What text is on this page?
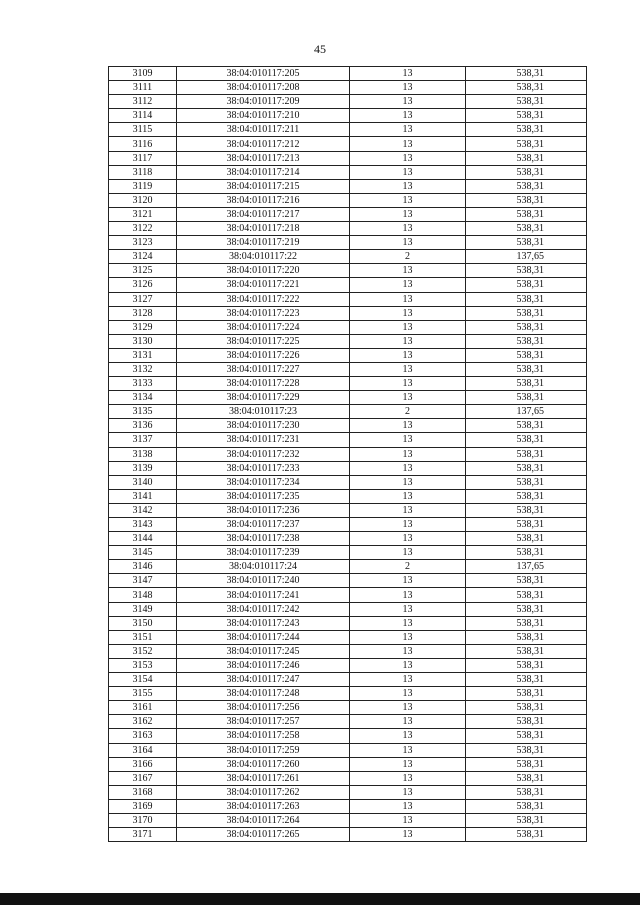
45
3109	38:04:010117:205	13	538,31
3111	38:04:010117:208	13	538,31
3112	38:04:010117:209	13	538,31
3114	38:04:010117:210	13	538,31
3115	38:04:010117:211	13	538,31
3116	38:04:010117:212	13	538,31
3117	38:04:010117:213	13	538,31
3118	38:04:010117:214	13	538,31
3119	38:04:010117:215	13	538,31
3120	38:04:010117:216	13	538,31
3121	38:04:010117:217	13	538,31
3122	38:04:010117:218	13	538,31
3123	38:04:010117:219	13	538,31
3124	38:04:010117:22	2	137,65
3125	38:04:010117:220	13	538,31
3126	38:04:010117:221	13	538,31
3127	38:04:010117:222	13	538,31
3128	38:04:010117:223	13	538,31
3129	38:04:010117:224	13	538,31
3130	38:04:010117:225	13	538,31
3131	38:04:010117:226	13	538,31
3132	38:04:010117:227	13	538,31
3133	38:04:010117:228	13	538,31
3134	38:04:010117:229	13	538,31
3135	38:04:010117:23	2	137,65
3136	38:04:010117:230	13	538,31
3137	38:04:010117:231	13	538,31
3138	38:04:010117:232	13	538,31
3139	38:04:010117:233	13	538,31
3140	38:04:010117:234	13	538,31
3141	38:04:010117:235	13	538,31
3142	38:04:010117:236	13	538,31
3143	38:04:010117:237	13	538,31
3144	38:04:010117:238	13	538,31
3145	38:04:010117:239	13	538,31
3146	38:04:010117:24	2	137,65
3147	38:04:010117:240	13	538,31
3148	38:04:010117:241	13	538,31
3149	38:04:010117:242	13	538,31
3150	38:04:010117:243	13	538,31
3151	38:04:010117:244	13	538,31
3152	38:04:010117:245	13	538,31
3153	38:04:010117:246	13	538,31
3154	38:04:010117:247	13	538,31
3155	38:04:010117:248	13	538,31
3161	38:04:010117:256	13	538,31
3162	38:04:010117:257	13	538,31
3163	38:04:010117:258	13	538,31
3164	38:04:010117:259	13	538,31
3166	38:04:010117:260	13	538,31
3167	38:04:010117:261	13	538,31
3168	38:04:010117:262	13	538,31
3169	38:04:010117:263	13	538,31
3170	38:04:010117:264	13	538,31
3171	38:04:010117:265	13	538,31
